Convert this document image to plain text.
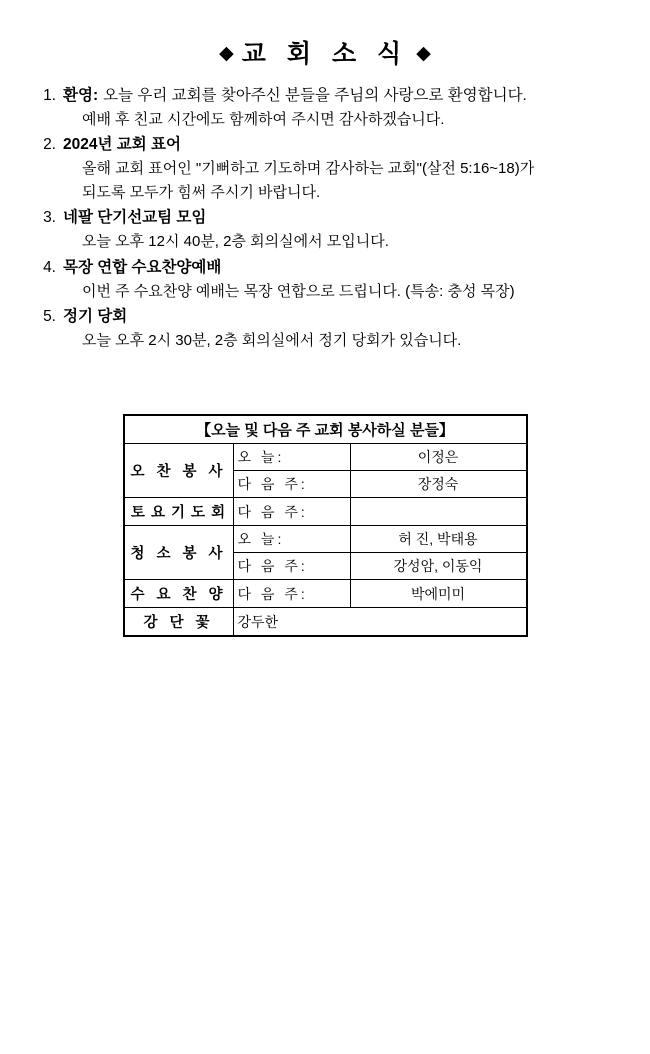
◆ 교 회 소 식 ◆
1. 환영: 오늘 우리 교회를 찾아주신 분들을 주님의 사랑으로 환영합니다.
예배 후 친교 시간에도 함께하여 주시면 감사하겠습니다.
2. 2024년 교회 표어
올해 교회 표어인 "기뻐하고 기도하며 감사하는 교회"(살전 5:16~18)가
되도록 모두가 힘써 주시기 바랍니다.
3. 네팔 단기선교팀 모임
오늘 오후 12시 40분, 2층 회의실에서 모입니다.
4. 목장 연합 수요찬양예배
이번 주 수요찬양 예배는 목장 연합으로 드립니다. (특송: 충성 목장)
5. 정기 당회
오늘 오후 2시 30분, 2층 회의실에서 정기 당회가 있습니다.
【오늘 및 다음 주 교회 봉사하실 분들】		
오 찬 봉 사	오 늘:	이정은
	다 음 주:	장정숙
토 요 기 도 회	다 음 주:	
청 소 봉 사	오 늘:	허 진, 박태용
	다 음 주:	강성암, 이동익
수 요 찬 양	다 음 주:	박에미미
강 단 꽃	강두한	
